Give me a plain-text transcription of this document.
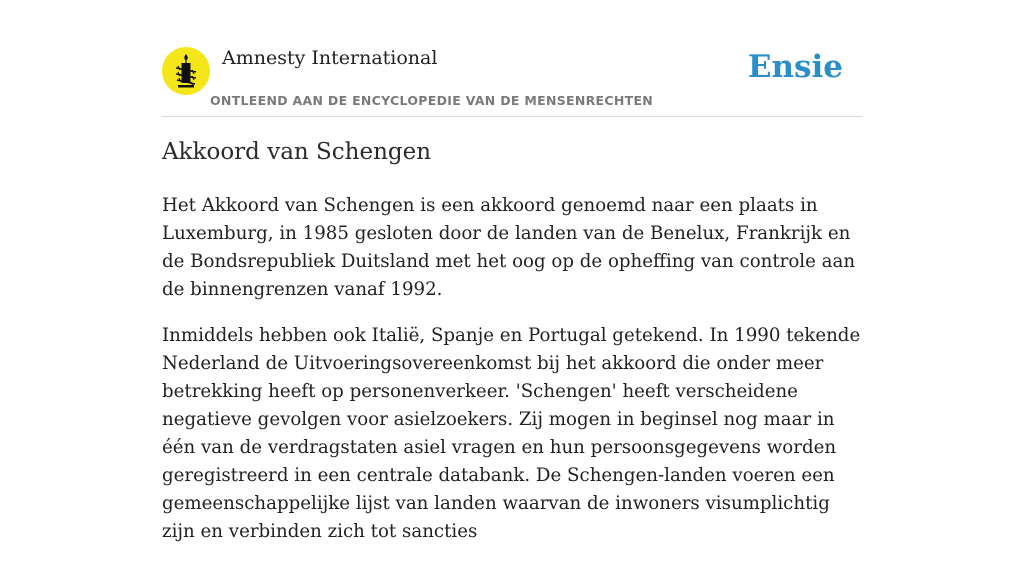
Amnesty International
ONTLEEND AAN DE ENCYCLOPEDIE VAN DE MENSENRECHTEN
Ensie
Akkoord van Schengen

Het Akkoord van Schengen is een akkoord genoemd naar een plaats in Luxemburg, in 1985 gesloten door de landen van de Benelux, Frankrijk en de Bondsrepubliek Duitsland met het oog op de opheffing van controle aan de binnengrenzen vanaf 1992.

Inmiddels hebben ook Italië, Spanje en Portugal getekend. In 1990 tekende Nederland de Uitvoeringsovereenkomst bij het akkoord die onder meer betrekking heeft op personenverkeer. 'Schengen' heeft verscheidene negatieve gevolgen voor asielzoekers. Zij mogen in beginsel nog maar in één van de verdragstaten asiel vragen en hun persoonsgegevens worden geregistreerd in een centrale databank. De Schengen-landen voeren een gemeenschappelijke lijst van landen waarvan de inwoners visumplichtig zijn en verbinden zich tot sancties
